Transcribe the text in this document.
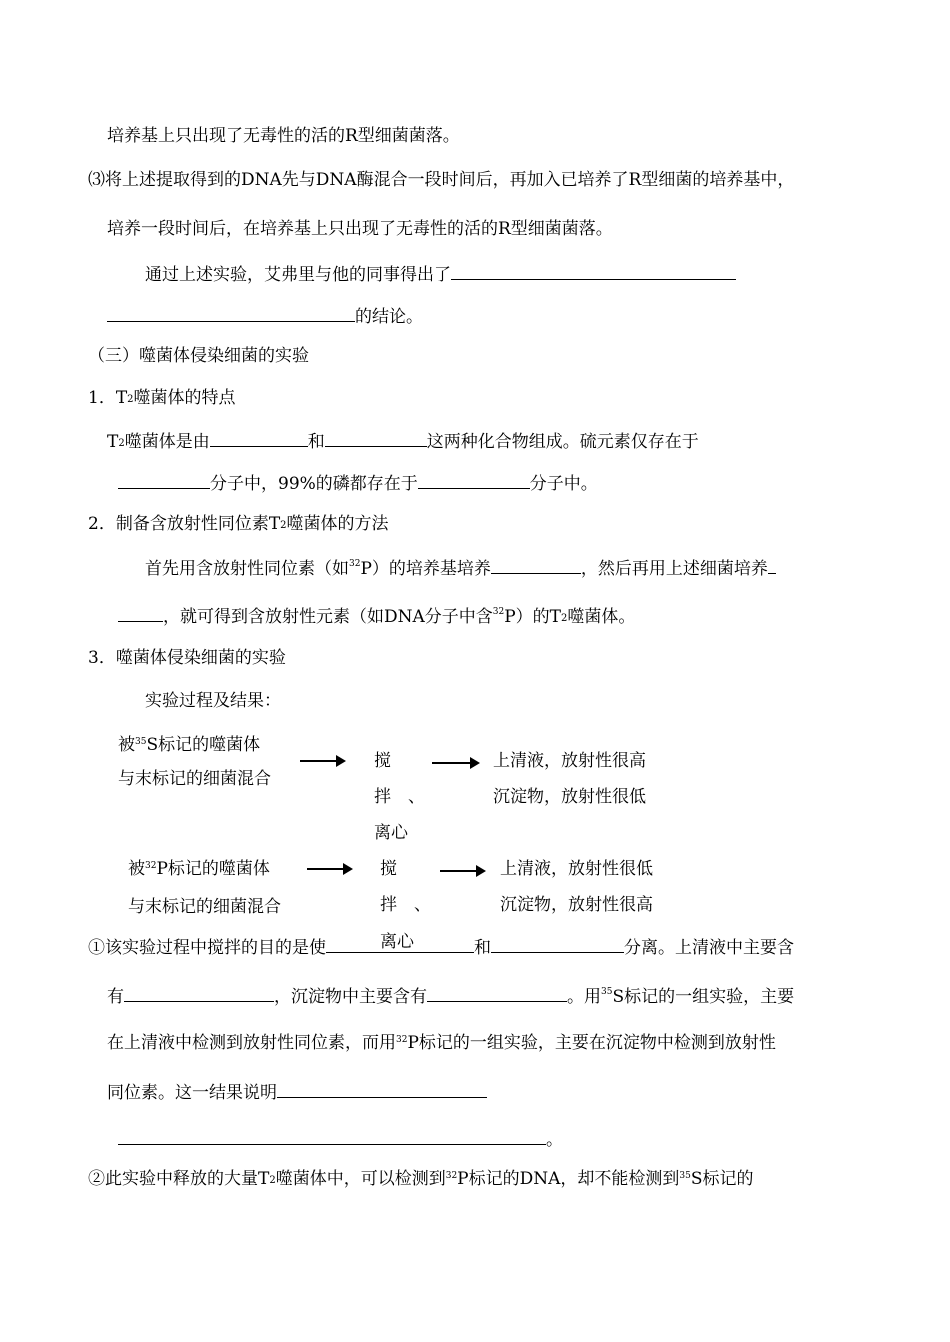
培养基上只出现了无毒性的活的R型细菌菌落。
⑶将上述提取得到的DNA先与DNA酶混合一段时间后，再加入已培养了R型细菌的培养基中，
培养一段时间后，在培养基上只出现了无毒性的活的R型细菌菌落。
通过上述实验，艾弗里与他的同事得出了
的结论。
（三）噬菌体侵染细菌的实验
1．$T_2$噬菌体的特点
$T_2$噬菌体是由	和	这两种化合物组成。硫元素仅存在于
分子中，99%的磷都存在于	分子中。
2．制备含放射性同位素$T_2$噬菌体的方法
首先用含放射性同位素（如$^{32}$P）的培养基培养	，然后再用上述细菌培养
，就可得到含放射性元素（如DNA分子中含$^{32}$P）的$T_2$噬菌体。
3．噬菌体侵染细菌的实验
实验过程及结果：
被$^{35}$S标记的噬菌体
与末标记的细菌混合
搅
拌　、
离心
上清液，放射性很高
沉淀物，放射性很低
被$^{32}$P标记的噬菌体
与末标记的细菌混合
搅
拌　、
离心
上清液，放射性很低
沉淀物，放射性很高
①该实验过程中搅拌的目的是使	和	分离。上清液中主要含
有	，沉淀物中主要含有	。用$^{35}$S标记的一组实验，主要
在上清液中检测到放射性同位素，而用$^{32}$P标记的一组实验，主要在沉淀物中检测到放射性
同位素。这一结果说明
。
②此实验中释放的大量$T_2$噬菌体中，可以检测到$^{32}$P标记的DNA，却不能检测到$^{35}$S标记的
